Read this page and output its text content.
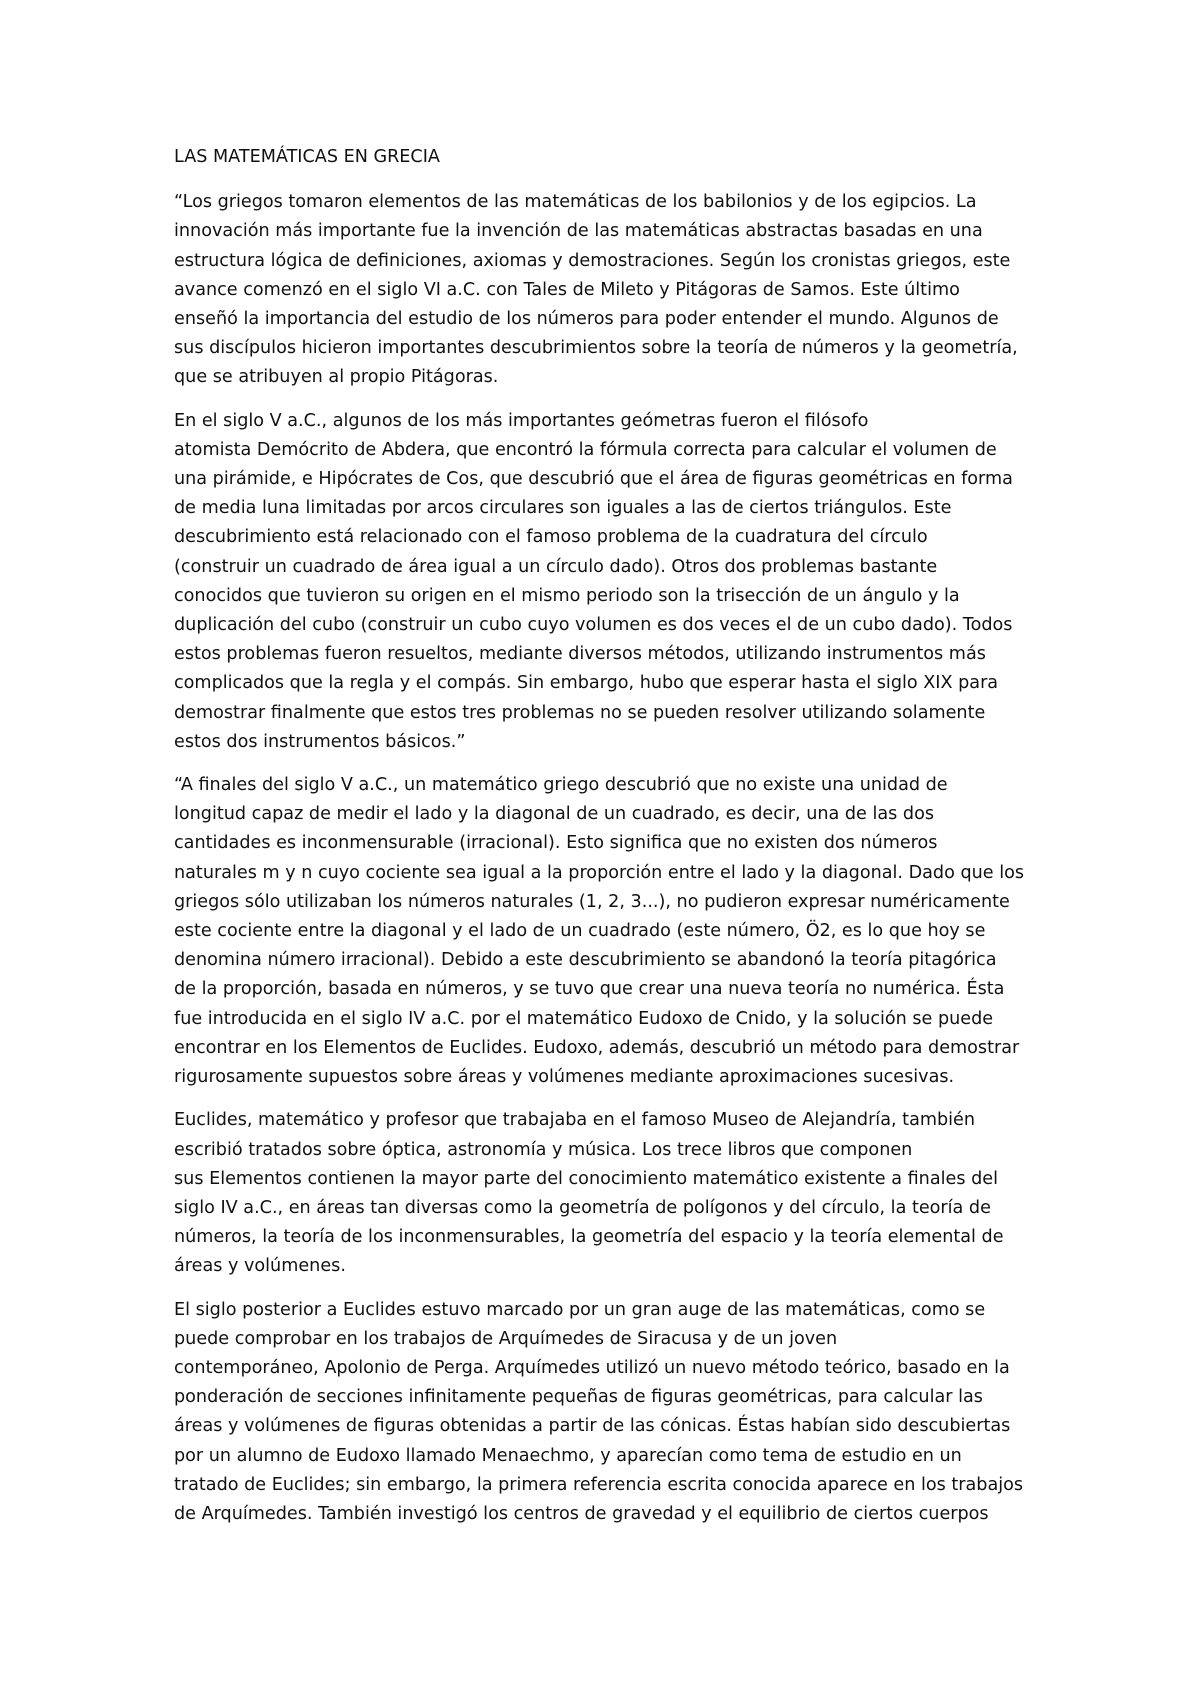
LAS MATEMÁTICAS EN GRECIA

“Los griegos tomaron elementos de las matemáticas de los babilonios y de los egipcios. La
innovación más importante fue la invención de las matemáticas abstractas basadas en una
estructura lógica de definiciones, axiomas y demostraciones. Según los cronistas griegos, este
avance comenzó en el siglo VI a.C. con Tales de Mileto y Pitágoras de Samos. Este último
enseñó la importancia del estudio de los números para poder entender el mundo. Algunos de
sus discípulos hicieron importantes descubrimientos sobre la teoría de números y la geometría,
que se atribuyen al propio Pitágoras.

En el siglo V a.C., algunos de los más importantes geómetras fueron el filósofo
atomista Demócrito de Abdera, que encontró la fórmula correcta para calcular el volumen de
una pirámide, e Hipócrates de Cos, que descubrió que el área de figuras geométricas en forma
de media luna limitadas por arcos circulares son iguales a las de ciertos triángulos. Este
descubrimiento está relacionado con el famoso problema de la cuadratura del círculo
(construir un cuadrado de área igual a un círculo dado). Otros dos problemas bastante
conocidos que tuvieron su origen en el mismo periodo son la trisección de un ángulo y la
duplicación del cubo (construir un cubo cuyo volumen es dos veces el de un cubo dado). Todos
estos problemas fueron resueltos, mediante diversos métodos, utilizando instrumentos más
complicados que la regla y el compás. Sin embargo, hubo que esperar hasta el siglo XIX para
demostrar finalmente que estos tres problemas no se pueden resolver utilizando solamente
estos dos instrumentos básicos.”

“A finales del siglo V a.C., un matemático griego descubrió que no existe una unidad de
longitud capaz de medir el lado y la diagonal de un cuadrado, es decir, una de las dos
cantidades es inconmensurable (irracional). Esto significa que no existen dos números
naturales m y n cuyo cociente sea igual a la proporción entre el lado y la diagonal. Dado que los
griegos sólo utilizaban los números naturales (1, 2, 3...), no pudieron expresar numéricamente
este cociente entre la diagonal y el lado de un cuadrado (este número, Ö2, es lo que hoy se
denomina número irracional). Debido a este descubrimiento se abandonó la teoría pitagórica
de la proporción, basada en números, y se tuvo que crear una nueva teoría no numérica. Ésta
fue introducida en el siglo IV a.C. por el matemático Eudoxo de Cnido, y la solución se puede
encontrar en los Elementos de Euclides. Eudoxo, además, descubrió un método para demostrar
rigurosamente supuestos sobre áreas y volúmenes mediante aproximaciones sucesivas.

Euclides, matemático y profesor que trabajaba en el famoso Museo de Alejandría, también
escribió tratados sobre óptica, astronomía y música. Los trece libros que componen
sus Elementos contienen la mayor parte del conocimiento matemático existente a finales del
siglo IV a.C., en áreas tan diversas como la geometría de polígonos y del círculo, la teoría de
números, la teoría de los inconmensurables, la geometría del espacio y la teoría elemental de
áreas y volúmenes.

El siglo posterior a Euclides estuvo marcado por un gran auge de las matemáticas, como se
puede comprobar en los trabajos de Arquímedes de Siracusa y de un joven
contemporáneo, Apolonio de Perga. Arquímedes utilizó un nuevo método teórico, basado en la
ponderación de secciones infinitamente pequeñas de figuras geométricas, para calcular las
áreas y volúmenes de figuras obtenidas a partir de las cónicas. Éstas habían sido descubiertas
por un alumno de Eudoxo llamado Menaechmo, y aparecían como tema de estudio en un
tratado de Euclides; sin embargo, la primera referencia escrita conocida aparece en los trabajos
de Arquímedes. También investigó los centros de gravedad y el equilibrio de ciertos cuerpos
